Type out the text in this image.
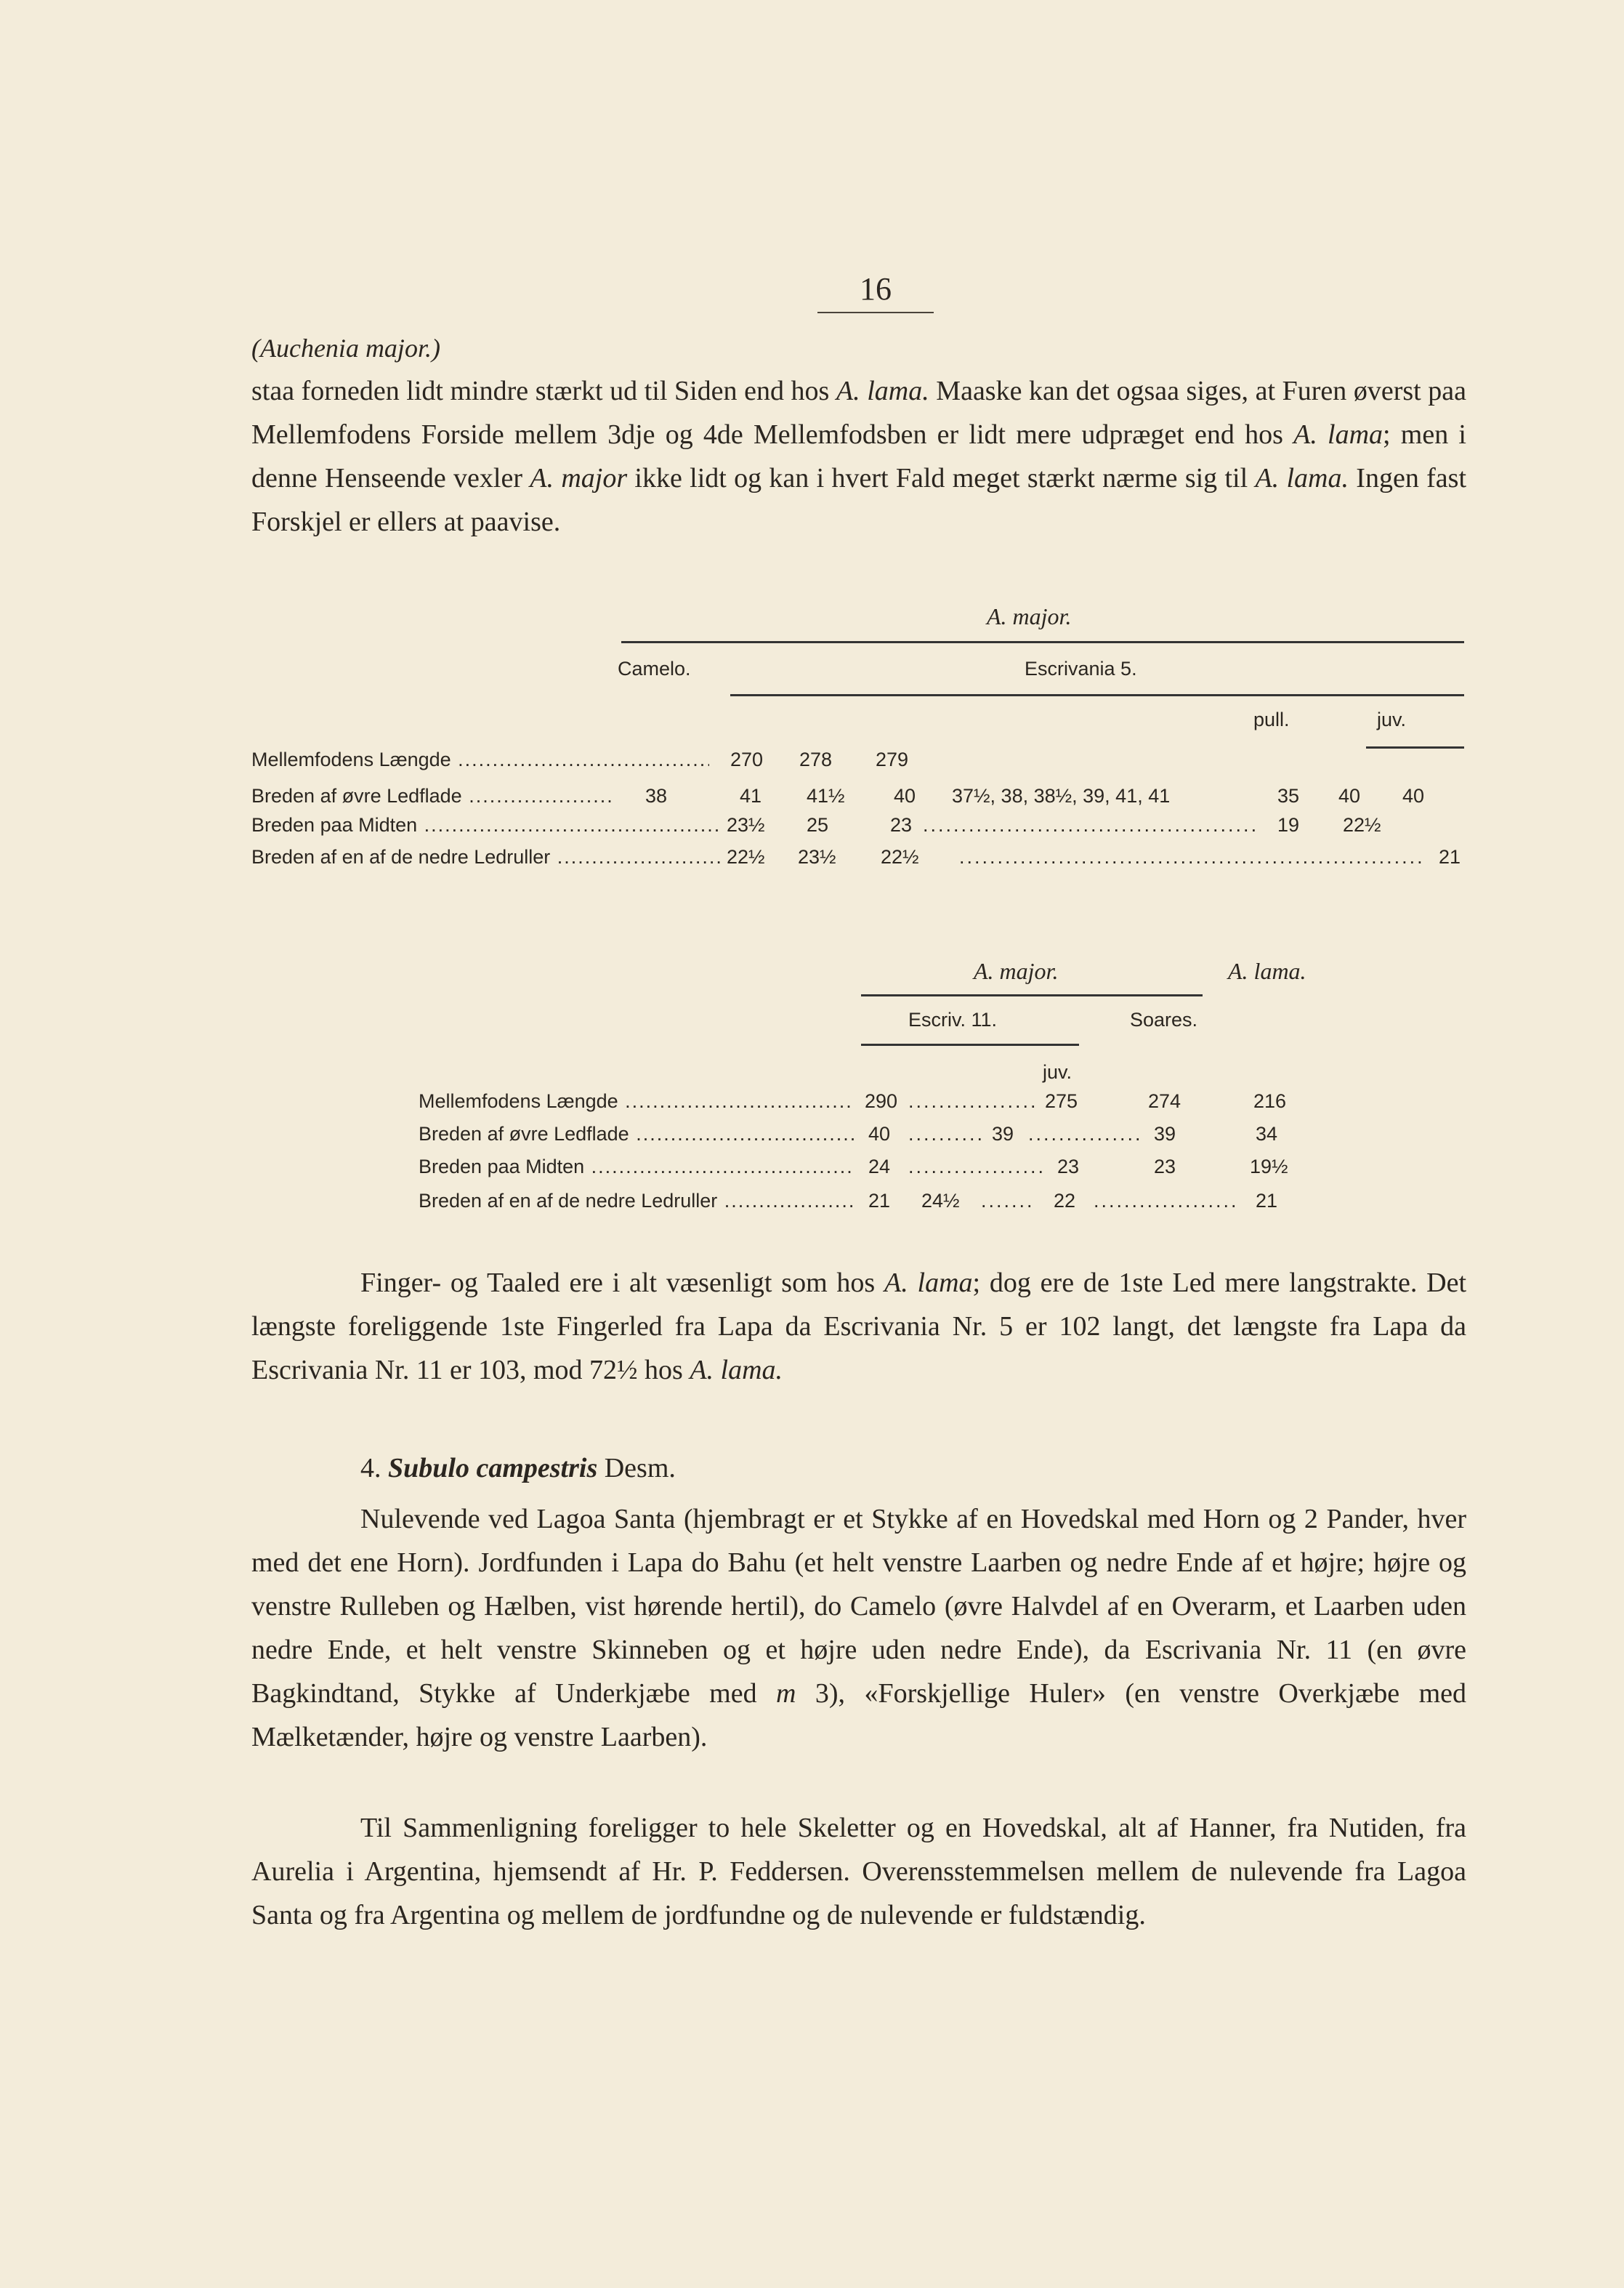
16
(Auchenia major.)

staa forneden lidt mindre stærkt ud til Siden end hos A. lama. Maaske kan det ogsaa siges, at Furen øverst paa Mellemfodens Forside mellem 3dje og 4de Mellemfodsben er lidt mere udpræget end hos A. lama; men i denne Henseende vexler A. major ikke lidt og kan i hvert Fald meget stærkt nærme sig til A. lama. Ingen fast Forskjel er ellers at paavise.

A. major.
Camelo.	Escrivania 5.
pull.	juv.
Mellemfodens Længde .....	270 278 279
Breden af øvre Ledflade .....	38	41 41½ 40 37½, 38, 38½, 39, 41, 41	35 40 40
Breden paa Midten .....	23½ 25	23 .....	19 22½
Breden af en af de nedre Ledruller .....	22½ 23½ 22½ .....	21
A. major.	A. lama.
Escriv. 11.	Soares.
juv.
Mellemfodens Længde .....	290 .....	275	274	216
Breden af øvre Ledflade .....	40 .....	39 .....	39	34
Breden paa Midten .....	24 .....	23	23	19½
Breden af en af de nedre Ledruller .....	21 24½ .....	22 .....	21

Finger- og Taaled ere i alt væsenligt som hos A. lama; dog ere de 1ste Led mere langstrakte. Det længste foreliggende 1ste Fingerled fra Lapa da Escrivania Nr. 5 er 102 langt, det længste fra Lapa da Escrivania Nr. 11 er 103, mod 72½ hos A. lama.

4. Subulo campestris Desm.

Nulevende ved Lagoa Santa (hjembragt er et Stykke af en Hovedskal med Horn og 2 Pander, hver med det ene Horn). Jordfunden i Lapa do Bahu (et helt venstre Laarben og nedre Ende af et højre; højre og venstre Rulleben og Hælben, vist hørende hertil), do Camelo (øvre Halvdel af en Overarm, et Laarben uden nedre Ende, et helt venstre Skinneben og et højre uden nedre Ende), da Escrivania Nr. 11 (en øvre Bagkindtand, Stykke af Underkjæbe med m 3), «Forskjellige Huler» (en venstre Overkjæbe med Mælketænder, højre og venstre Laarben).

Til Sammenligning foreligger to hele Skeletter og en Hovedskal, alt af Hanner, fra Nutiden, fra Aurelia i Argentina, hjemsendt af Hr. P. Feddersen. Overensstemmelsen mellem de nulevende fra Lagoa Santa og fra Argentina og mellem de jordfundne og de nulevende er fuldstændig.
